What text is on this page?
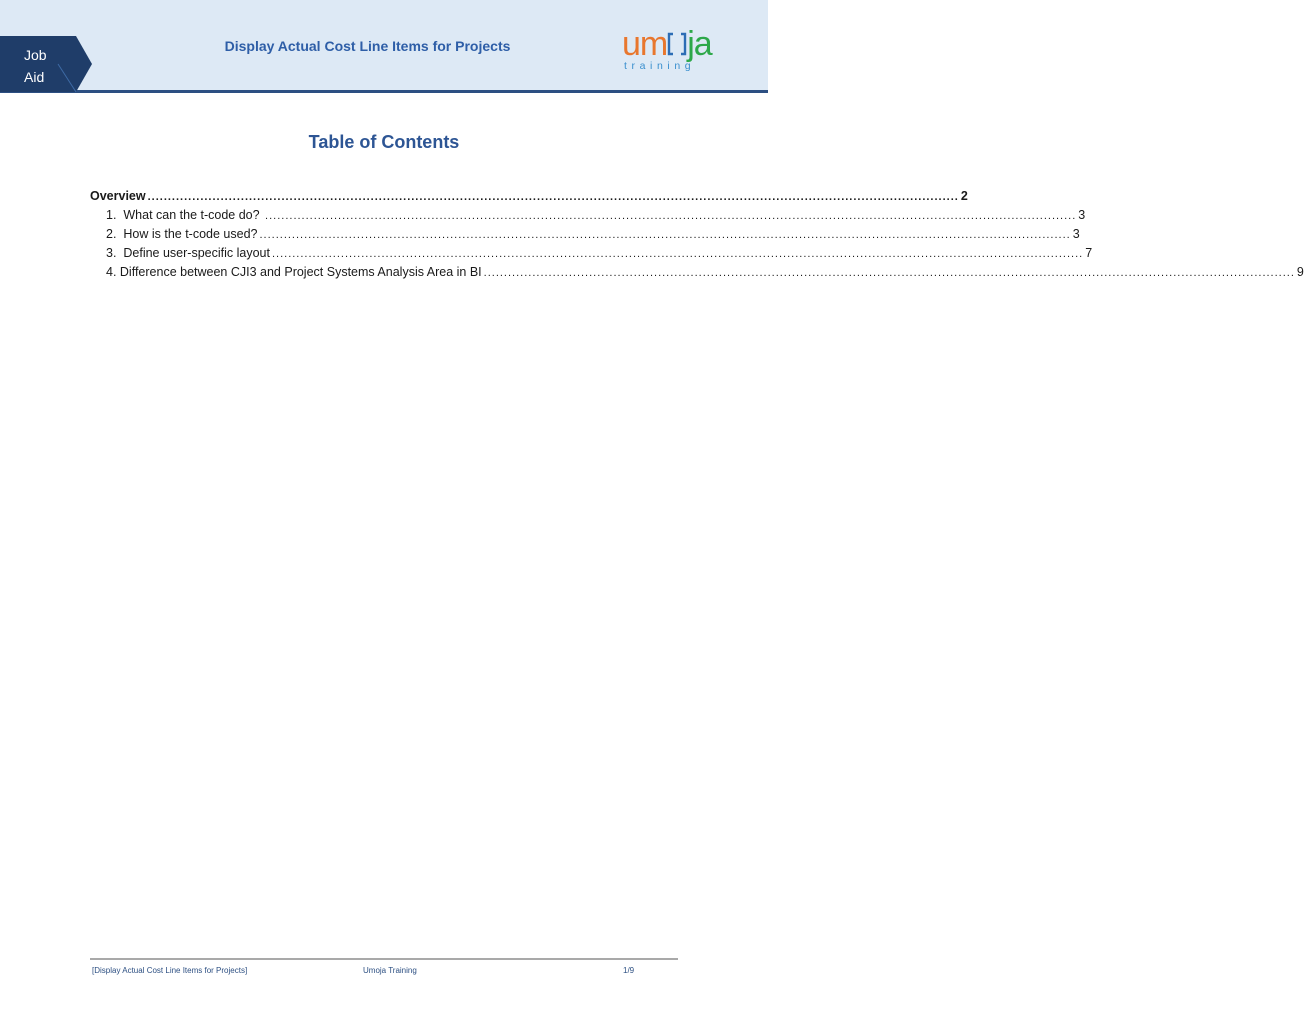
Job
Aid
Display Actual Cost Line Items for Projects	um ja
training
Table of Contents
Overview ........................................................................................................................................................................................................ 2
1.  What can the t-code do? ........................................................................................................................................................................................................ 3
2.  How is the t-code used? ........................................................................................................................................................................................................ 3
3.  Define user-specific layout ........................................................................................................................................................................................................ 7
4. Difference between CJI3 and Project Systems Analysis Area in BI ........................................................................................................................................................................................................ 9
[Display Actual Cost Line Items for Projects]	Umoja Training	1/9
